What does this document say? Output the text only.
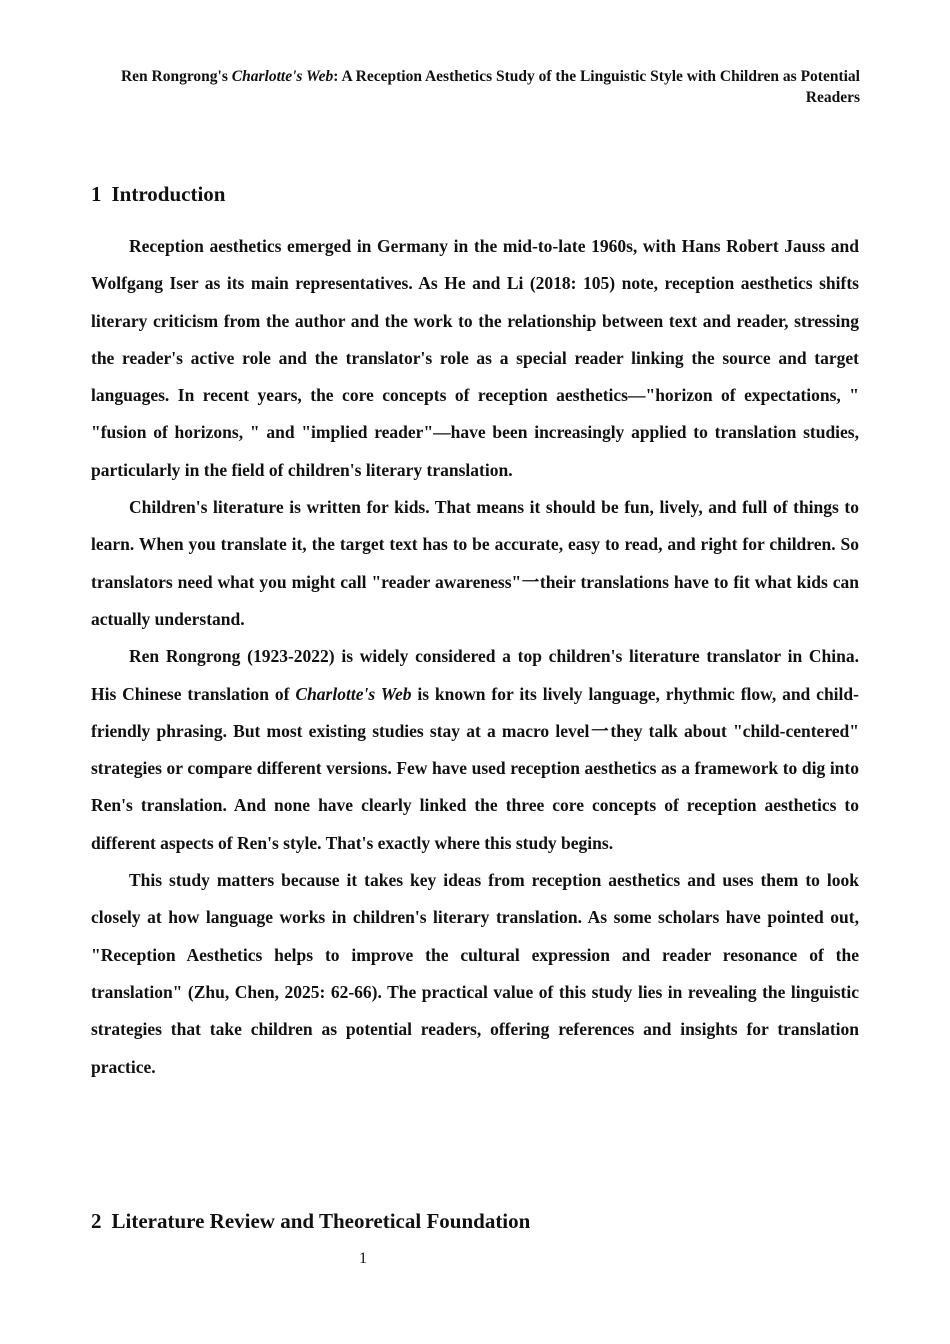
Ren Rongrong's Charlotte's Web: A Reception Aesthetics Study of the Linguistic Style with Children as Potential Readers
1 Introduction

Reception aesthetics emerged in Germany in the mid-to-late 1960s, with Hans Robert Jauss and Wolfgang Iser as its main representatives. As He and Li (2018: 105) note, reception aesthetics shifts literary criticism from the author and the work to the relationship between text and reader, stressing the reader's active role and the translator's role as a special reader linking the source and target languages. In recent years, the core concepts of reception aesthetics—"horizon of expectations, " "fusion of horizons, " and "implied reader"—have been increasingly applied to translation studies, particularly in the field of children's literary translation.

Children's literature is written for kids. That means it should be fun, lively, and full of things to learn. When you translate it, the target text has to be accurate, easy to read, and right for children. So translators need what you might call "reader awareness"一their translations have to fit what kids can actually understand.

Ren Rongrong (1923-2022) is widely considered a top children's literature translator in China. His Chinese translation of Charlotte's Web is known for its lively language, rhythmic flow, and child-friendly phrasing. But most existing studies stay at a macro level一they talk about "child-centered" strategies or compare different versions. Few have used reception aesthetics as a framework to dig into Ren's translation. And none have clearly linked the three core concepts of reception aesthetics to different aspects of Ren's style. That's exactly where this study begins.

This study matters because it takes key ideas from reception aesthetics and uses them to look closely at how language works in children's literary translation. As some scholars have pointed out, "Reception Aesthetics helps to improve the cultural expression and reader resonance of the translation" (Zhu, Chen, 2025: 62-66). The practical value of this study lies in revealing the linguistic strategies that take children as potential readers, offering references and insights for translation practice.

2 Literature Review and Theoretical Foundation
1
